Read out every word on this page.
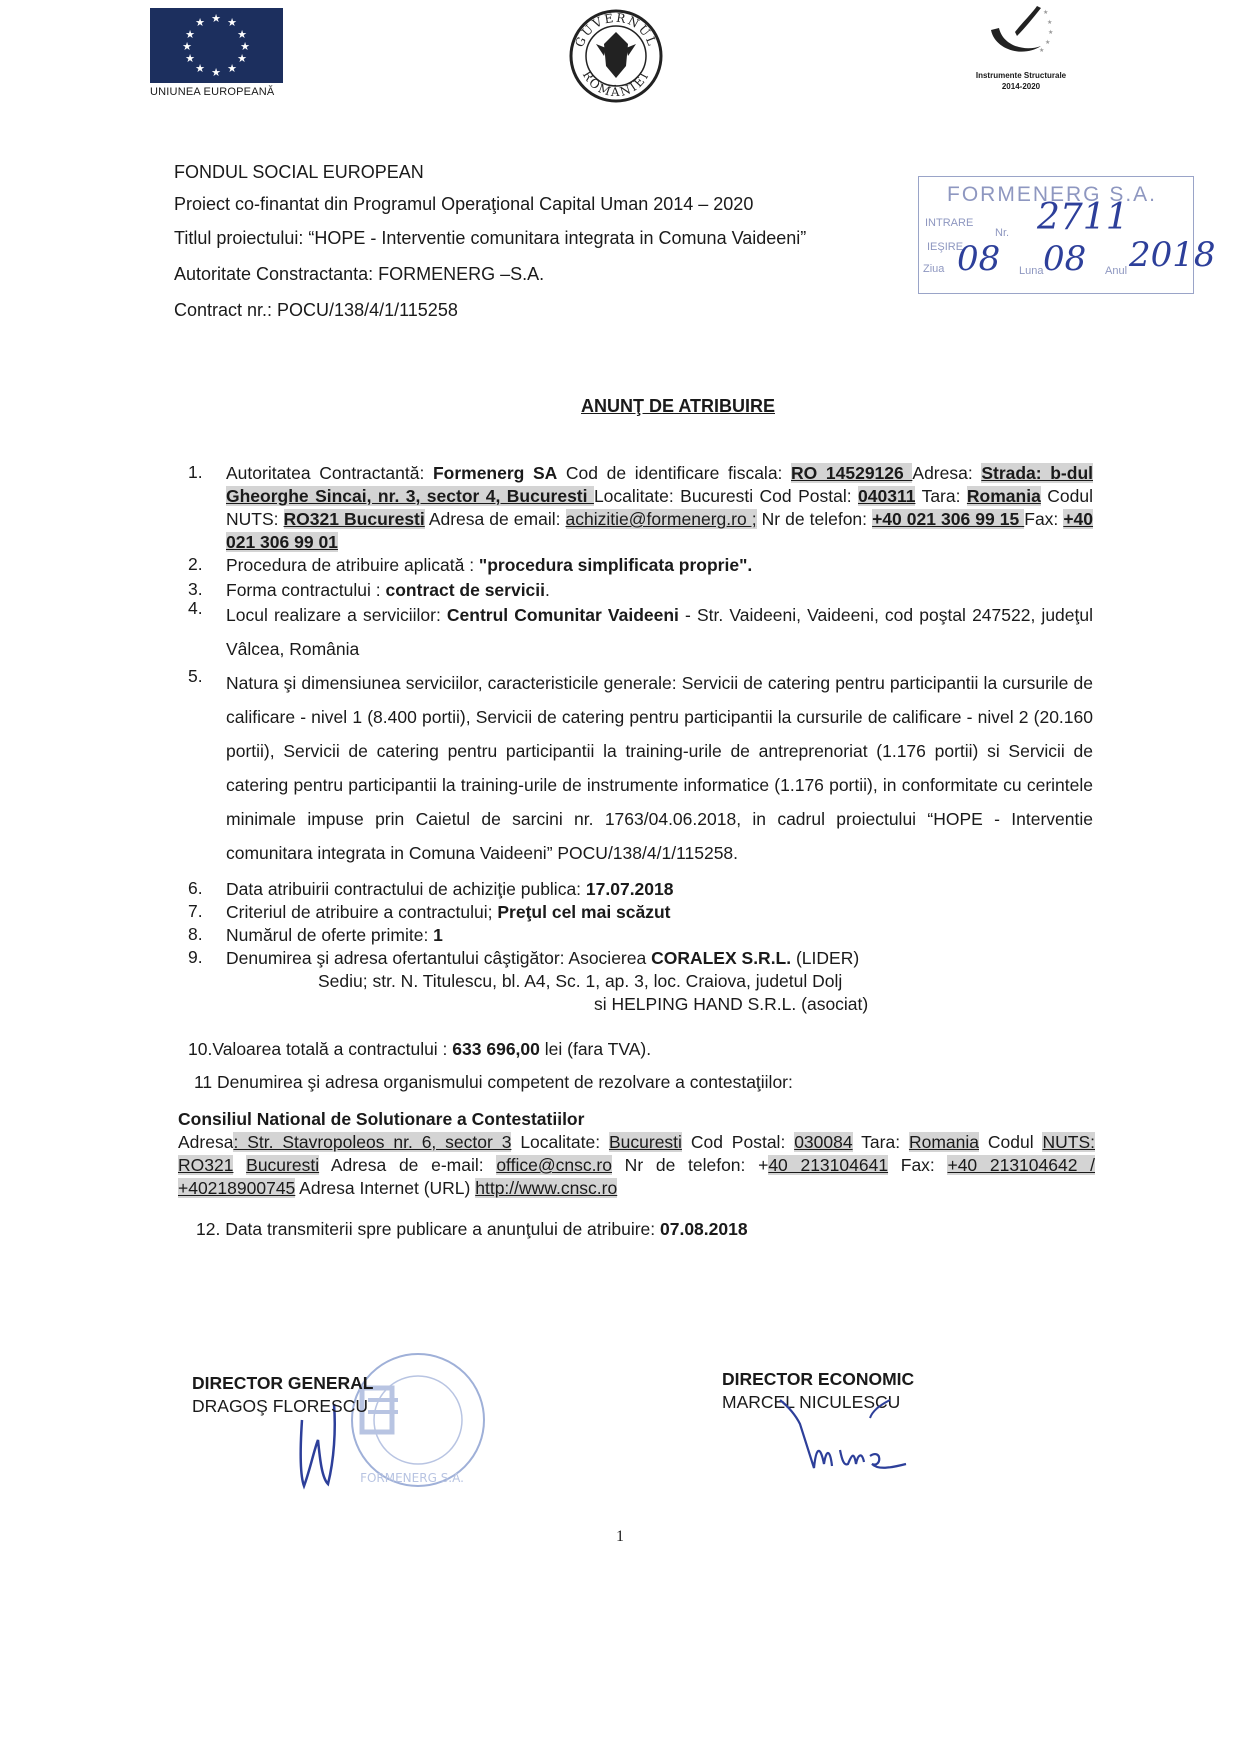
★ ★
★
★
★
★
★
★
★
★
★
★
UNIUNEA EUROPEANĂ
GUVERNUL
ROMÂNIEI
★
★
★
★
★
Instrumente Structurale
2014-2020
FONDUL SOCIAL EUROPEAN
Proiect co-finantat din Programul Operaţional Capital Uman 2014 – 2020
Titlul proiectului: “HOPE - Interventie comunitara integrata in Comuna Vaideeni”
Autoritate Constractanta: FORMENERG –S.A.
Contract nr.: POCU/138/4/1/115258
FORMENERG S.A.
INTRARE
IEŞIRE
Nr.
Ziua	Luna	Anul
2711
08 08 2018
ANUNŢ DE ATRIBUIRE
1.	Autoritatea Contractantă: Formenerg SA Cod de identificare fiscala: RO 14529126 Adresa: Strada: b-dul Gheorghe Sincai, nr. 3, sector 4, Bucuresti Localitate: Bucuresti Cod Postal: 040311 Tara: Romania Codul NUTS: RO321 Bucuresti Adresa de email: achizitie@formenerg.ro ; Nr de telefon: +40 021 306 99 15 Fax: +40 021 306 99 01
2.	Procedura de atribuire aplicată : "procedura simplificata proprie".
3.	Forma contractului : contract de servicii.
4.	Locul realizare a serviciilor: Centrul Comunitar Vaideeni - Str. Vaideeni, Vaideeni, cod poştal 247522, judeţul Vâlcea, România
5.	Natura şi dimensiunea serviciilor, caracteristicile generale: Servicii de catering pentru participantii la cursurile de calificare - nivel 1 (8.400 portii), Servicii de catering pentru participantii la cursurile de calificare - nivel 2 (20.160 portii), Servicii de catering pentru participantii la training-urile de antreprenoriat (1.176 portii) si Servicii de catering pentru participantii la training-urile de instrumente informatice (1.176 portii), in conformitate cu cerintele minimale impuse prin Caietul de sarcini nr. 1763/04.06.2018, in cadrul proiectului “HOPE - Interventie comunitara integrata in Comuna Vaideeni” POCU/138/4/1/115258.
6.	Data atribuirii contractului de achiziţie publica: 17.07.2018
7.	Criteriul de atribuire a contractului; Preţul cel mai scăzut
8.	Numărul de oferte primite: 1
9.	Denumirea şi adresa ofertantului câştigător: Asocierea CORALEX S.R.L. (LIDER)
Sediu; str. N. Titulescu, bl. A4, Sc. 1, ap. 3, loc. Craiova, judetul Dolj
si HELPING HAND S.R.L. (asociat)
10.Valoarea totală a contractului : 633 696,00 lei (fara TVA).
11 Denumirea şi adresa organismului competent de rezolvare a contestaţiilor:
Consiliul National de Solutionare a Contestatiilor
Adresa: Str. Stavropoleos nr. 6, sector 3 Localitate: Bucuresti Cod Postal: 030084 Tara: Romania Codul NUTS: RO321 Bucuresti Adresa de e-mail: office@cnsc.ro Nr de telefon: +40 213104641 Fax: +40 213104642 / +40218900745 Adresa Internet (URL) http://www.cnsc.ro
12. Data transmiterii spre publicare a anunţului de atribuire: 07.08.2018
FORMENERG S.A.
DIRECTOR GENERAL
DRAGOŞ FLORESCU
DIRECTOR ECONOMIC
MARCEL NICULESCU
1
